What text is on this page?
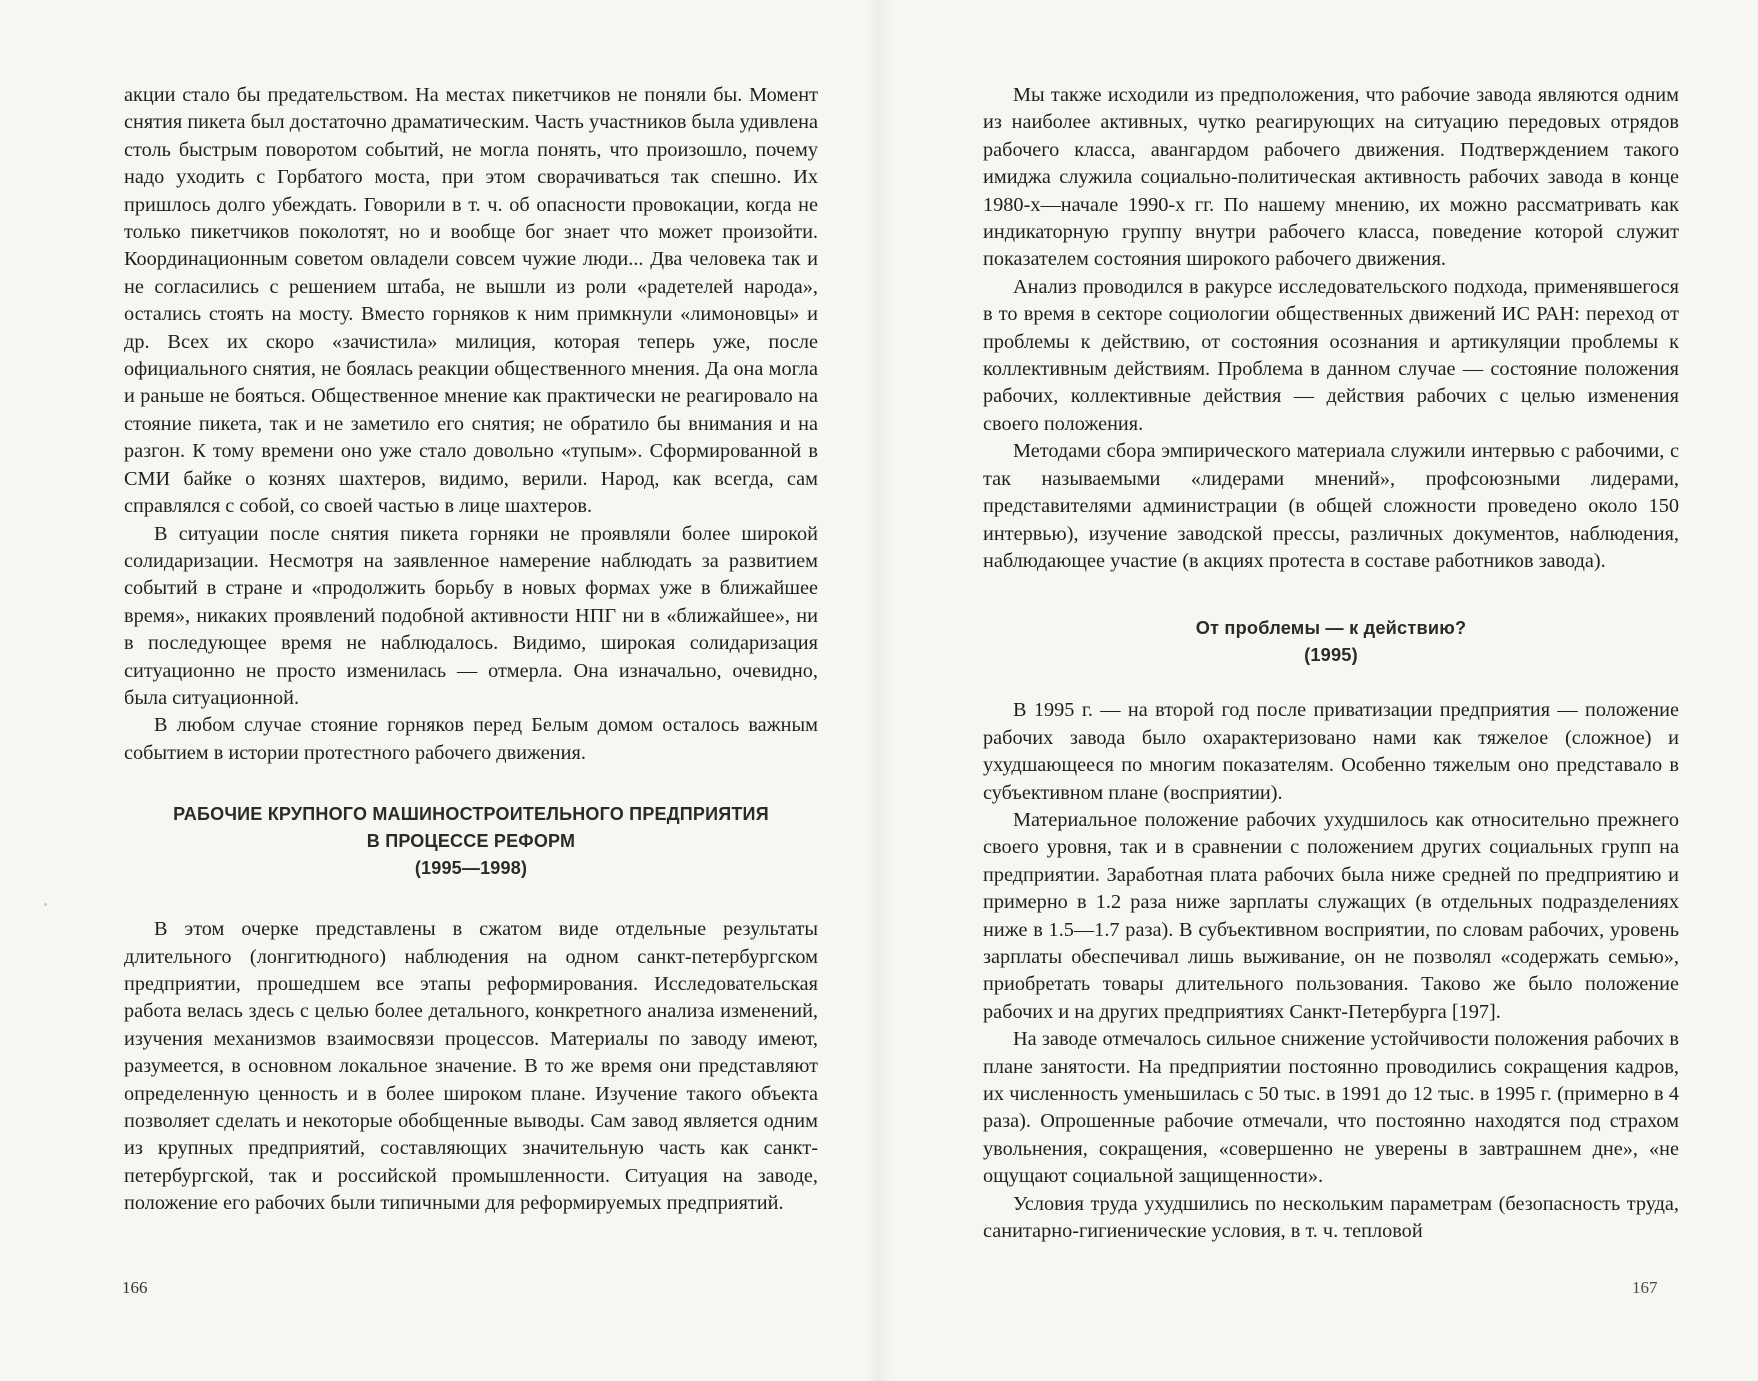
акции стало бы предательством. На местах пикетчиков не поняли бы. Момент снятия пикета был достаточно драматическим. Часть участников была удивлена столь быстрым поворотом событий, не могла понять, что произошло, почему надо уходить с Горбатого моста, при этом сворачиваться так спешно. Их пришлось долго убеждать. Говорили в т. ч. об опасности провокации, когда не только пикетчиков поколотят, но и вообще бог знает что может произойти. Координационным советом овладели совсем чужие люди... Два человека так и не согласились с решением штаба, не вышли из роли «радетелей народа», остались стоять на мосту. Вместо горняков к ним примкнули «лимоновцы» и др. Всех их скоро «зачистила» милиция, которая теперь уже, после официального снятия, не боялась реакции общественного мнения. Да она могла и раньше не бояться. Общественное мнение как практически не реагировало на стояние пикета, так и не заметило его снятия; не обратило бы внимания и на разгон. К тому времени оно уже стало довольно «тупым». Сформированной в СМИ байке о кознях шахтеров, видимо, верили. Народ, как всегда, сам справлялся с собой, со своей частью в лице шахтеров.

В ситуации после снятия пикета горняки не проявляли более широкой солидаризации. Несмотря на заявленное намерение наблюдать за развитием событий в стране и «продолжить борьбу в новых формах уже в ближайшее время», никаких проявлений подобной активности НПГ ни в «ближайшее», ни в последующее время не наблюдалось. Видимо, широкая солидаризация ситуационно не просто изменилась — отмерла. Она изначально, очевидно, была ситуационной.

В любом случае стояние горняков перед Белым домом осталось важным событием в истории протестного рабочего движения.

РАБОЧИЕ КРУПНОГО МАШИНОСТРОИТЕЛЬНОГО ПРЕДПРИЯТИЯ
В ПРОЦЕССЕ РЕФОРМ
(1995—1998)

В этом очерке представлены в сжатом виде отдельные результаты длительного (лонгитюдного) наблюдения на одном санкт-петербургском предприятии, прошедшем все этапы реформирования. Исследовательская работа велась здесь с целью более детального, конкретного анализа изменений, изучения механизмов взаимосвязи процессов. Материалы по заводу имеют, разумеется, в основном локальное значение. В то же время они представляют определенную ценность и в более широком плане. Изучение такого объекта позволяет сделать и некоторые обобщенные выводы. Сам завод является одним из крупных предприятий, составляющих значительную часть как санкт-петербургской, так и российской промышленности. Ситуация на заводе, положение его рабочих были типичными для реформируемых предприятий.

166

Мы также исходили из предположения, что рабочие завода являются одним из наиболее активных, чутко реагирующих на ситуацию передовых отрядов рабочего класса, авангардом рабочего движения. Подтверждением такого имиджа служила социально-политическая активность рабочих завода в конце 1980-х—начале 1990-х гг. По нашему мнению, их можно рассматривать как индикаторную группу внутри рабочего класса, поведение которой служит показателем состояния широкого рабочего движения.

Анализ проводился в ракурсе исследовательского подхода, применявшегося в то время в секторе социологии общественных движений ИС РАН: переход от проблемы к действию, от состояния осознания и артикуляции проблемы к коллективным действиям. Проблема в данном случае — состояние положения рабочих, коллективные действия — действия рабочих с целью изменения своего положения.

Методами сбора эмпирического материала служили интервью с рабочими, с так называемыми «лидерами мнений», профсоюзными лидерами, представителями администрации (в общей сложности проведено около 150 интервью), изучение заводской прессы, различных документов, наблюдения, наблюдающее участие (в акциях протеста в составе работников завода).

От проблемы — к действию?
(1995)

В 1995 г. — на второй год после приватизации предприятия — положение рабочих завода было охарактеризовано нами как тяжелое (сложное) и ухудшающееся по многим показателям. Особенно тяжелым оно представало в субъективном плане (восприятии).

Материальное положение рабочих ухудшилось как относительно прежнего своего уровня, так и в сравнении с положением других социальных групп на предприятии. Заработная плата рабочих была ниже средней по предприятию и примерно в 1.2 раза ниже зарплаты служащих (в отдельных подразделениях ниже в 1.5—1.7 раза). В субъективном восприятии, по словам рабочих, уровень зарплаты обеспечивал лишь выживание, он не позволял «содержать семью», приобретать товары длительного пользования. Таково же было положение рабочих и на других предприятиях Санкт-Петербурга [197].

На заводе отмечалось сильное снижение устойчивости положения рабочих в плане занятости. На предприятии постоянно проводились сокращения кадров, их численность уменьшилась с 50 тыс. в 1991 до 12 тыс. в 1995 г. (примерно в 4 раза). Опрошенные рабочие отмечали, что постоянно находятся под страхом увольнения, сокращения, «совершенно не уверены в завтрашнем дне», «не ощущают социальной защищенности».

Условия труда ухудшились по нескольким параметрам (безопасность труда, санитарно-гигиенические условия, в т. ч. тепловой

167
